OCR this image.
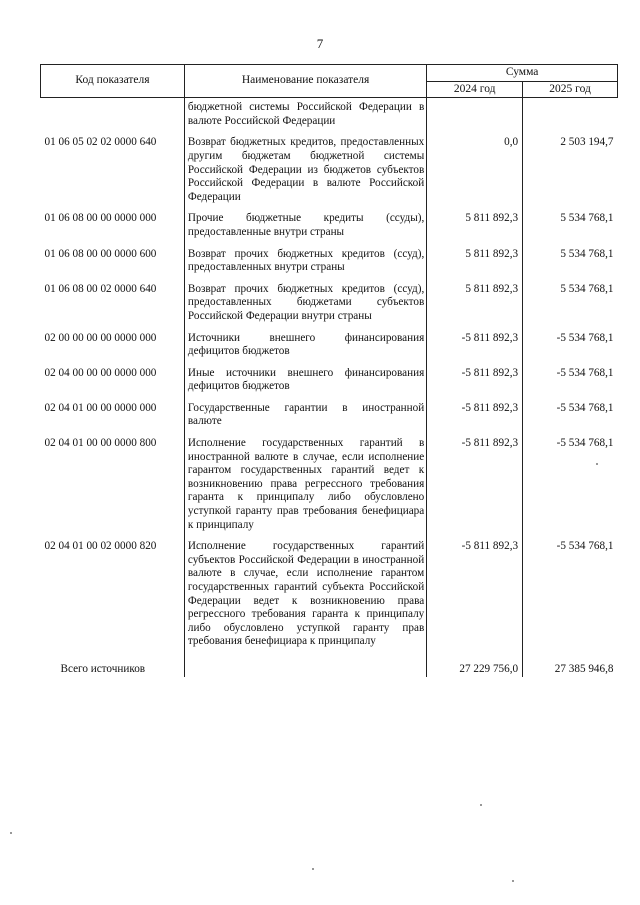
7
Код показателя	Наименование показателя	Сумма	
		2024 год	2025 год

	бюджетной системы Российской Федерации в валюте Российской Федерации		
01 06 05 02 02 0000 640	Возврат бюджетных кредитов, предоставленных другим бюджетам бюджетной системы Российской Федерации из бюджетов субъектов Российской Федерации в валюте Российской Федерации	0,0	2 503 194,7
01 06 08 00 00 0000 000	Прочие бюджетные кредиты (ссуды), предоставленные внутри страны	5 811 892,3	5 534 768,1
01 06 08 00 00 0000 600	Возврат прочих бюджетных кредитов (ссуд), предоставленных внутри страны	5 811 892,3	5 534 768,1
01 06 08 00 02 0000 640	Возврат прочих бюджетных кредитов (ссуд), предоставленных бюджетами субъектов Российской Федерации внутри страны	5 811 892,3	5 534 768,1
02 00 00 00 00 0000 000	Источники внешнего финансирования дефицитов бюджетов	-5 811 892,3	-5 534 768,1
02 04 00 00 00 0000 000	Иные источники внешнего финансирования дефицитов бюджетов	-5 811 892,3	-5 534 768,1
02 04 01 00 00 0000 000	Государственные гарантии в иностранной валюте	-5 811 892,3	-5 534 768,1
02 04 01 00 00 0000 800	Исполнение государственных гарантий в иностранной валюте в случае, если исполнение гарантом государственных гарантий ведет к возникновению права регрессного требования гаранта к принципалу либо обусловлено уступкой гаранту прав требования бенефициара к принципалу	-5 811 892,3	-5 534 768,1
02 04 01 00 02 0000 820	Исполнение государственных гарантий субъектов Российской Федерации в иностранной валюте в случае, если исполнение гарантом государственных гарантий субъекта Российской Федерации ведет к возникновению права регрессного требования гаранта к принципалу либо обусловлено уступкой гаранту прав требования бенефициара к принципалу	-5 811 892,3	-5 534 768,1
Всего источников		27 229 756,0	27 385 946,8
